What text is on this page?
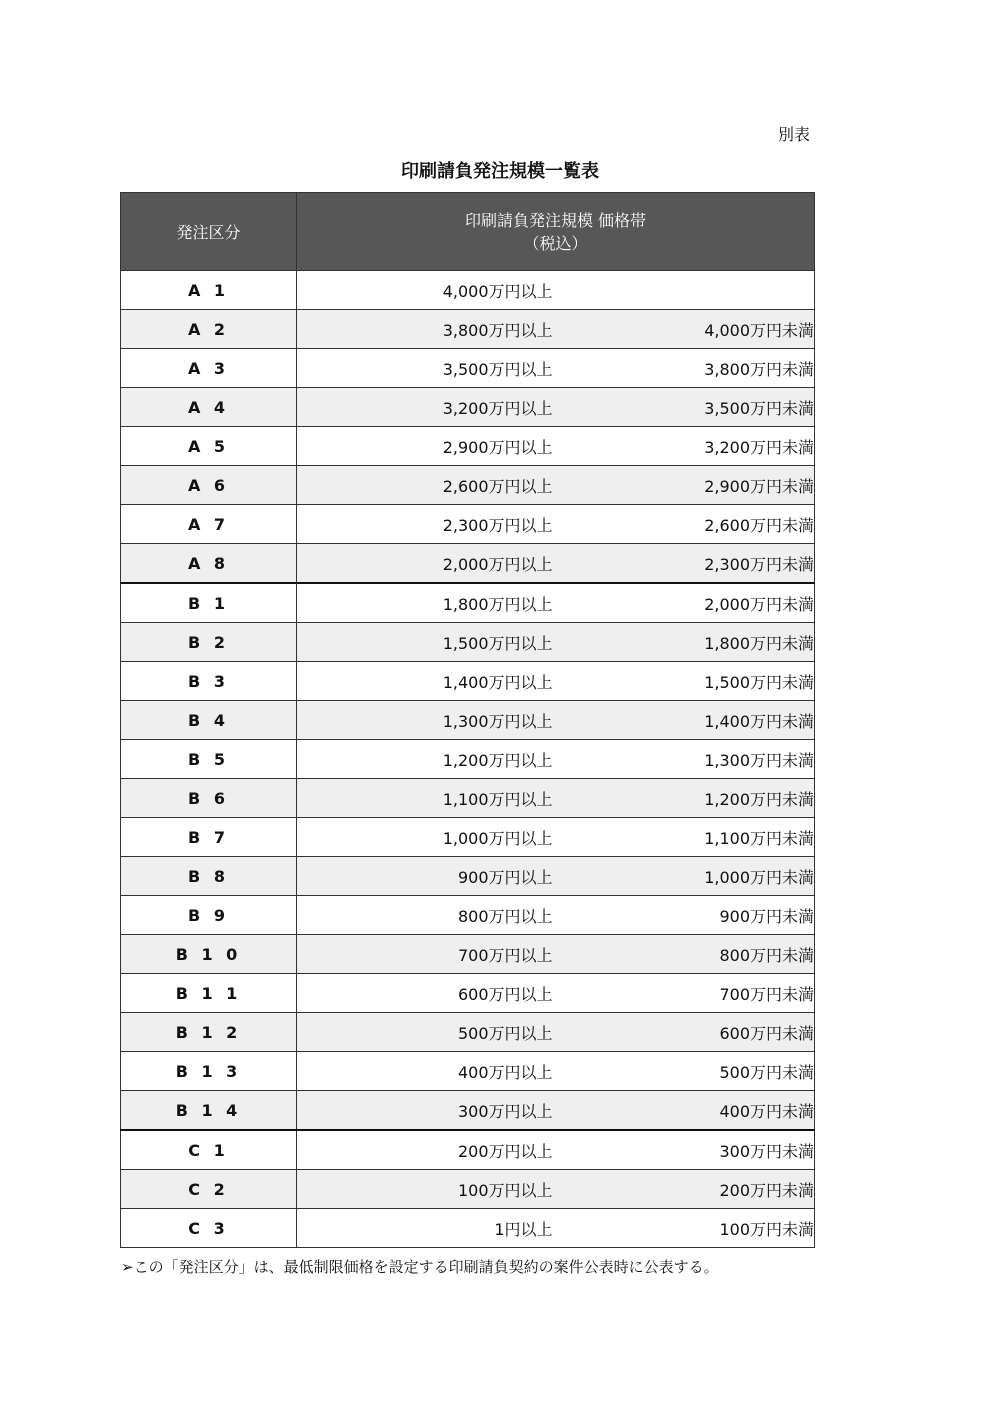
別表
印刷請負発注規模一覧表
発注区分	印刷請負発注規模 価格帯
（税込）	

A 1	4,000万円以上	
A 2	3,800万円以上	4,000万円未満
A 3	3,500万円以上	3,800万円未満
A 4	3,200万円以上	3,500万円未満
A 5	2,900万円以上	3,200万円未満
A 6	2,600万円以上	2,900万円未満
A 7	2,300万円以上	2,600万円未満
A 8	2,000万円以上	2,300万円未満
B 1	1,800万円以上	2,000万円未満
B 2	1,500万円以上	1,800万円未満
B 3	1,400万円以上	1,500万円未満
B 4	1,300万円以上	1,400万円未満
B 5	1,200万円以上	1,300万円未満
B 6	1,100万円以上	1,200万円未満
B 7	1,000万円以上	1,100万円未満
B 8	900万円以上	1,000万円未満
B 9	800万円以上	900万円未満
B 1 0	700万円以上	800万円未満
B 1 1	600万円以上	700万円未満
B 1 2	500万円以上	600万円未満
B 1 3	400万円以上	500万円未満
B 1 4	300万円以上	400万円未満
C 1	200万円以上	300万円未満
C 2	100万円以上	200万円未満
C 3	1円以上	100万円未満
➢この「発注区分」は、最低制限価格を設定する印刷請負契約の案件公表時に公表する。
